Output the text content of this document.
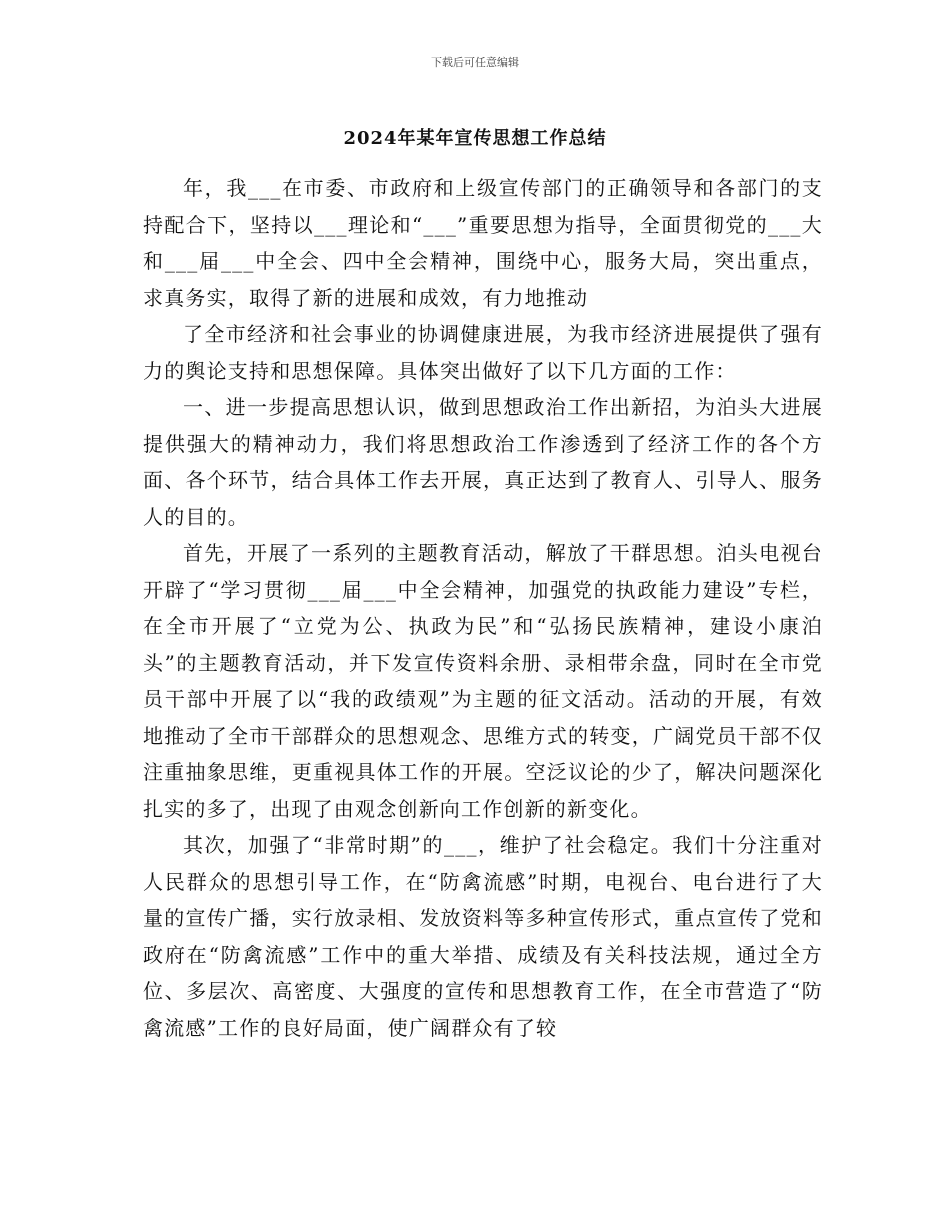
下载后可任意编辑
2024年某年宣传思想工作总结

年，我___在市委、市政府和上级宣传部门的正确领导和各部门的支持配合下，坚持以___理论和“___”重要思想为指导，全面贯彻党的___大和___届___中全会、四中全会精神，围绕中心，服务大局，突出重点，求真务实，取得了新的进展和成效，有力地推动

了全市经济和社会事业的协调健康进展，为我市经济进展提供了强有力的舆论支持和思想保障。具体突出做好了以下几方面的工作：

一、进一步提高思想认识，做到思想政治工作出新招，为泊头大进展提供强大的精神动力，我们将思想政治工作渗透到了经济工作的各个方面、各个环节，结合具体工作去开展，真正达到了教育人、引导人、服务人的目的。

首先，开展了一系列的主题教育活动，解放了干群思想。泊头电视台开辟了“学习贯彻___届___中全会精神，加强党的执政能力建设”专栏，在全市开展了“立党为公、执政为民”和“弘扬民族精神，建设小康泊头”的主题教育活动，并下发宣传资料余册、录相带余盘，同时在全市党员干部中开展了以“我的政绩观”为主题的征文活动。活动的开展，有效地推动了全市干部群众的思想观念、思维方式的转变，广阔党员干部不仅注重抽象思维，更重视具体工作的开展。空泛议论的少了，解决问题深化扎实的多了，出现了由观念创新向工作创新的新变化。

其次，加强了“非常时期”的___，维护了社会稳定。我们十分注重对人民群众的思想引导工作，在“防禽流感”时期，电视台、电台进行了大量的宣传广播，实行放录相、发放资料等多种宣传形式，重点宣传了党和政府在“防禽流感”工作中的重大举措、成绩及有关科技法规，通过全方位、多层次、高密度、大强度的宣传和思想教育工作，在全市营造了“防禽流感”工作的良好局面，使广阔群众有了较
